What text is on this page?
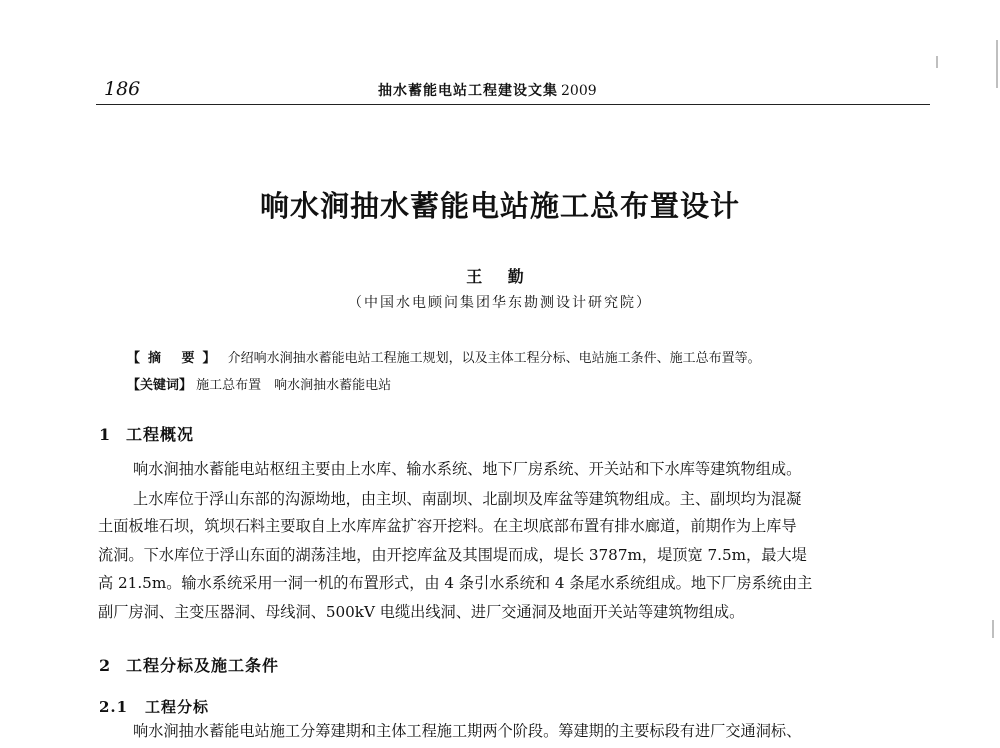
186	抽水蓄能电站工程建设文集 2009
响水涧抽水蓄能电站施工总布置设计
王 勤
（中国水电顾问集团华东勘测设计研究院）
【摘 要】 介绍响水涧抽水蓄能电站工程施工规划，以及主体工程分标、电站施工条件、施工总布置等。
【关键词】 施工总布置　响水涧抽水蓄能电站
1 工程概况
响水涧抽水蓄能电站枢纽主要由上水库、输水系统、地下厂房系统、开关站和下水库等建筑物组成。
上水库位于浮山东部的沟源坳地，由主坝、南副坝、北副坝及库盆等建筑物组成。主、副坝均为混凝
土面板堆石坝，筑坝石料主要取自上水库库盆扩容开挖料。在主坝底部布置有排水廊道，前期作为上库导
流洞。下水库位于浮山东面的湖荡洼地，由开挖库盆及其围堤而成，堤长 3787m，堤顶宽 7.5m，最大堤
高 21.5m。输水系统采用一洞一机的布置形式，由 4 条引水系统和 4 条尾水系统组成。地下厂房系统由主
副厂房洞、主变压器洞、母线洞、500kV 电缆出线洞、进厂交通洞及地面开关站等建筑物组成。
2 工程分标及施工条件
2.1 工程分标
响水涧抽水蓄能电站施工分筹建期和主体工程施工期两个阶段。筹建期的主要标段有进厂交通洞标、
